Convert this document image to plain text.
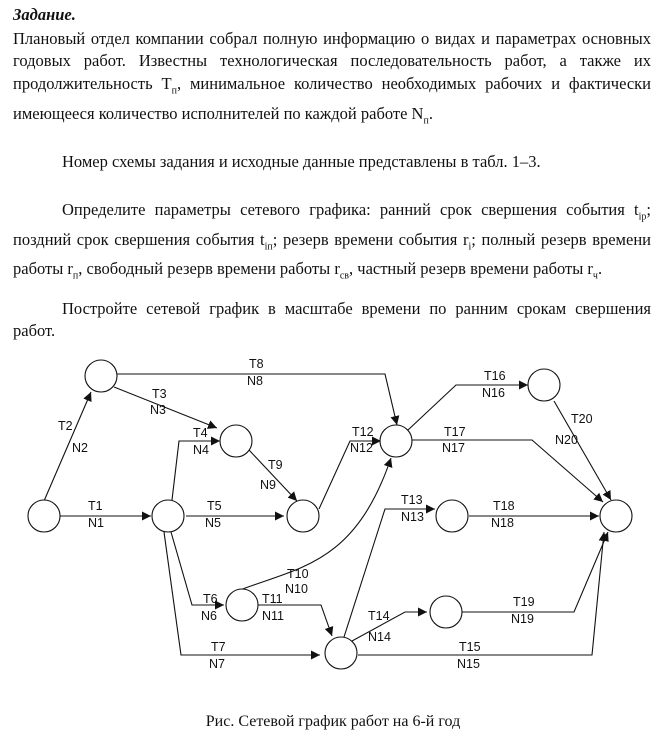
Задание.
Плановый отдел компании собрал полную информацию о видах и параметрах основных годовых работ. Известны технологическая последовательность работ, а также их продолжительность $T_п$, минимальное количество необходимых рабочих и фактически имеющееся количество исполнителей по каждой работе $N_п$.
Номер схемы задания и исходные данные представлены в табл. 1–3.
Определите параметры сетевого графика: ранний срок свершения события $t_{iр}$; поздний срок свершения события $t_{iп}$; резерв времени события $r_i$; полный резерв времени работы $r_п$, свободный резерв времени работы $r_{св}$, частный резерв времени работы $r_ч$.
Постройте сетевой график в масштабе времени по ранним срокам свершения работ.
T1
N1
T2
N2
T3
N3
T4
N4
T5
N5
T6
N6
T7
N7
T8
N8
T9
N9
T10
N10
T11
N11
T12
N12
T13
N13
T14
N14
T15
N15
T16
N16
T17
N17
T18
N18
T19
N19
T20
N20
Рис. Сетевой график работ на 6-й год
